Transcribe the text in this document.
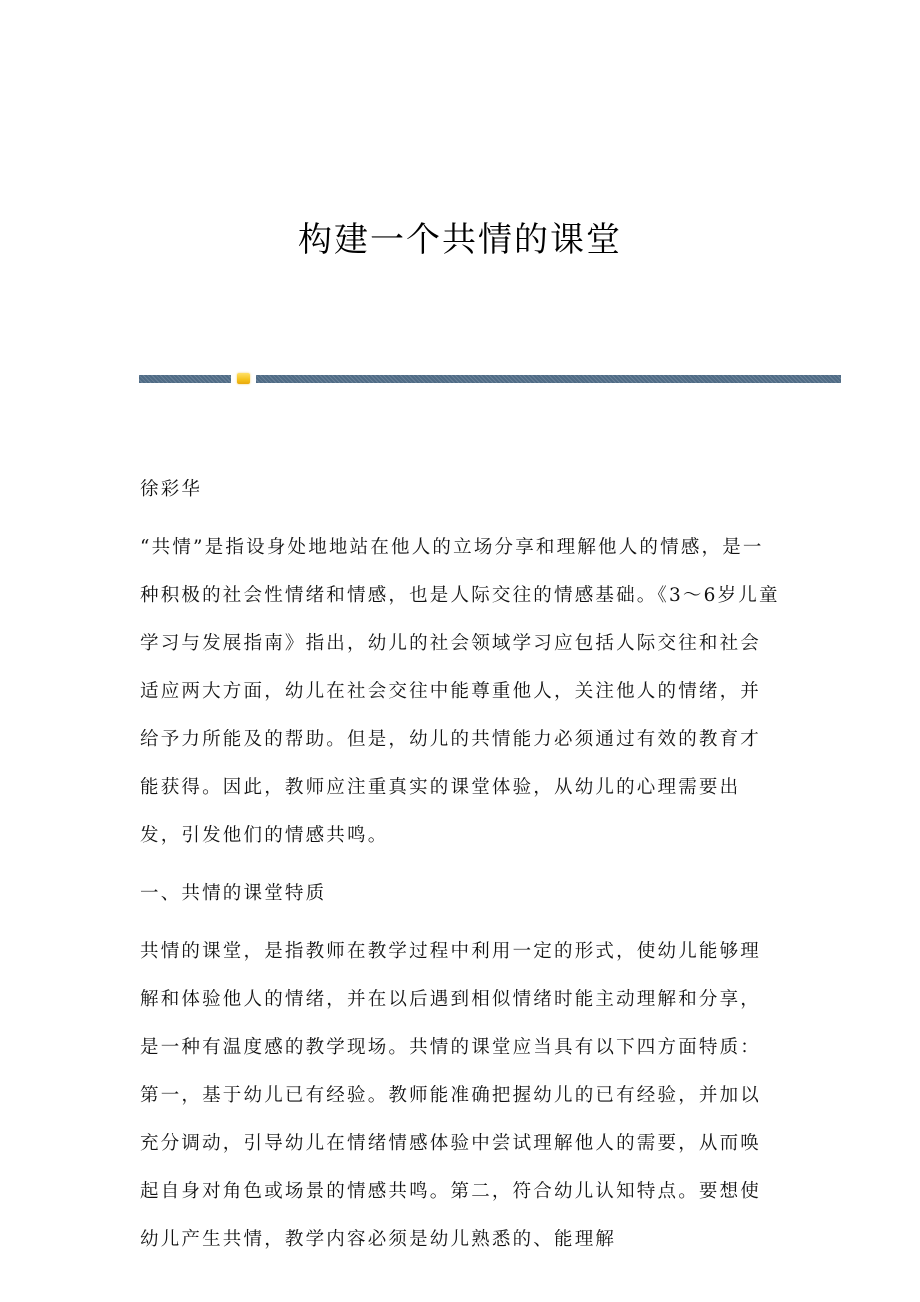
构建一个共情的课堂

徐彩华

“共情”是指设身处地地站在他人的立场分享和理解他人的情感，是一种积极的社会性情绪和情感，也是人际交往的情感基础。《3～6岁儿童学习与发展指南》指出，幼儿的社会领域学习应包括人际交往和社会适应两大方面，幼儿在社会交往中能尊重他人，关注他人的情绪，并给予力所能及的帮助。但是，幼儿的共情能力必须通过有效的教育才能获得。因此，教师应注重真实的课堂体验，从幼儿的心理需要出发，引发他们的情感共鸣。

一、共情的课堂特质

共情的课堂，是指教师在教学过程中利用一定的形式，使幼儿能够理解和体验他人的情绪，并在以后遇到相似情绪时能主动理解和分享，是一种有温度感的教学现场。共情的课堂应当具有以下四方面特质：第一，基于幼儿已有经验。教师能准确把握幼儿的已有经验，并加以充分调动，引导幼儿在情绪情感体验中尝试理解他人的需要，从而唤起自身对角色或场景的情感共鸣。第二，符合幼儿认知特点。要想使幼儿产生共情，教学内容必须是幼儿熟悉的、能理解
